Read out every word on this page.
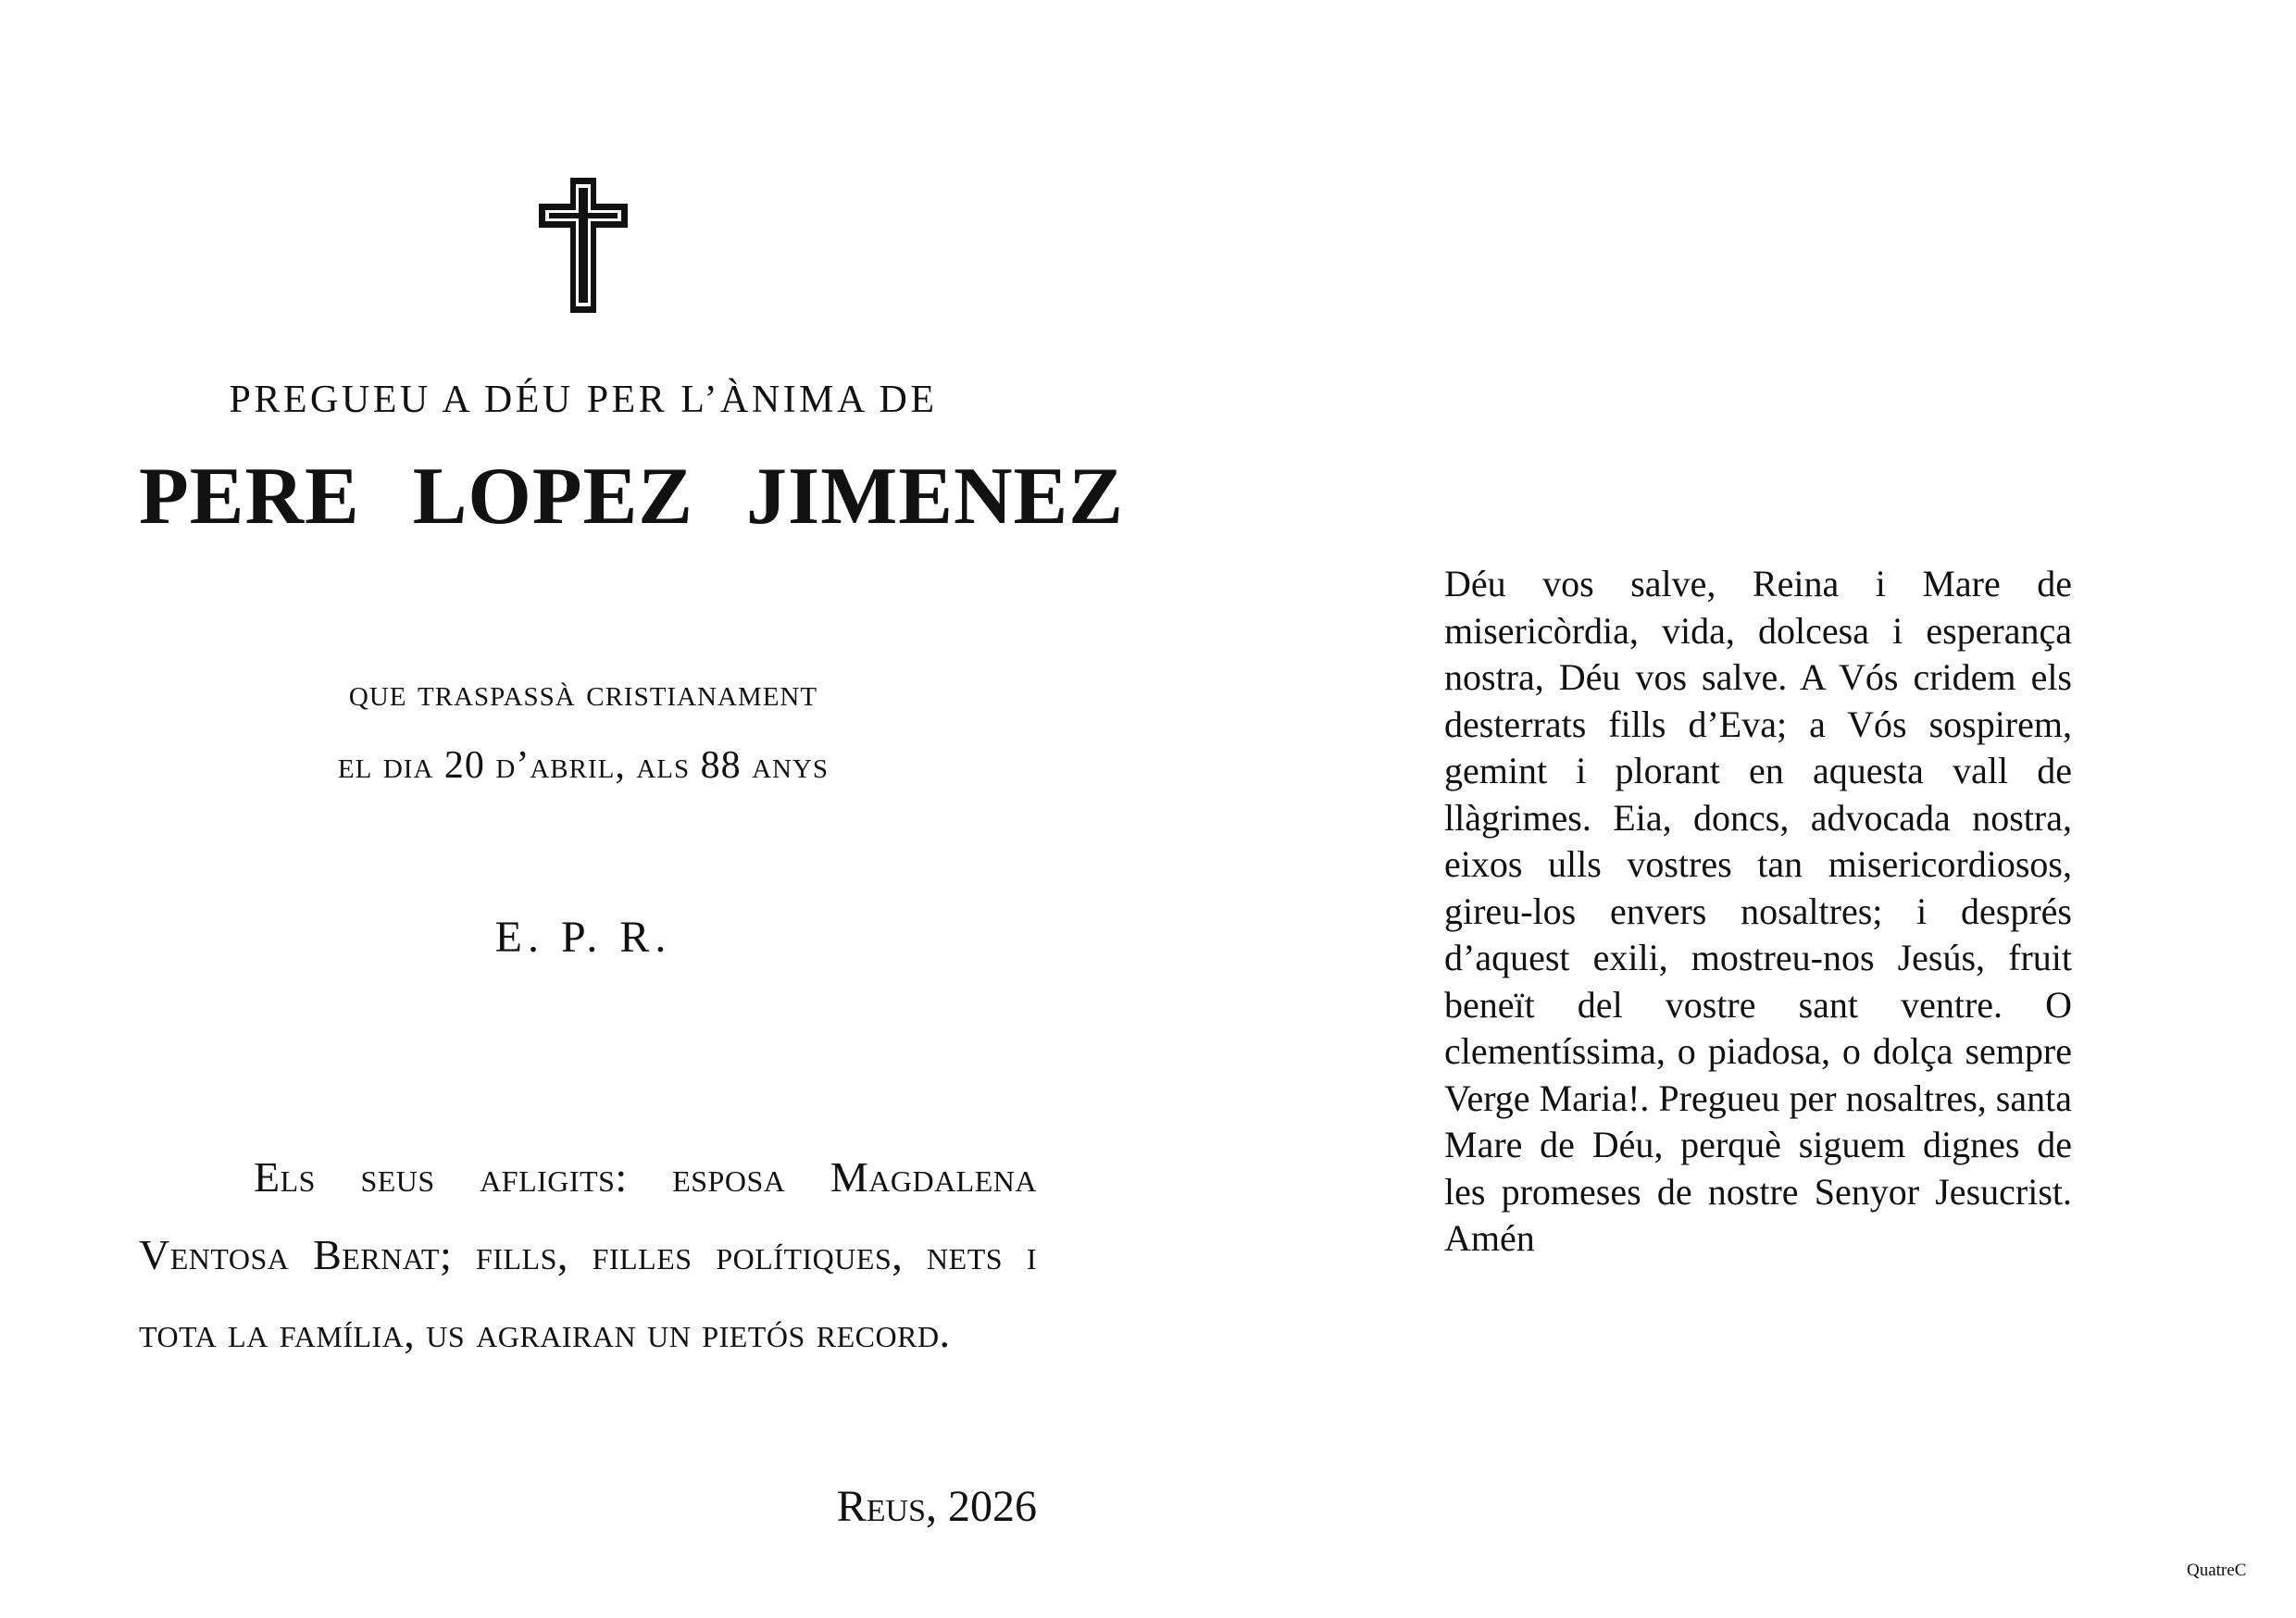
PREGUEU A DÉU PER L’ÀNIMA DE
PERE LOPEZ JIMENEZ
que traspassà cristianament
el dia 20 d’abril, als 88 anys
E. P. R.
Els seus afligits: esposa Magdalena Ventosa Bernat; fills, filles polítiques, nets i tota la família, us agrairan un pietós record.
Reus, 2026

Déu vos salve, Reina i Mare de misericòrdia, vida, dolcesa i esperança nostra, Déu vos salve. A Vós cridem els desterrats fills d’Eva; a Vós sospirem, gemint i plorant en aquesta vall de llàgrimes. Eia, doncs, advocada nostra, eixos ulls vostres tan misericordiosos, gireu-los envers nosaltres; i després d’aquest exili, mostreu-nos Jesús, fruit beneït del vostre sant ventre. O clementíssima, o piadosa, o dolça sempre Verge Maria!. Pregueu per nosaltres, santa Mare de Déu, perquè siguem dignes de les promeses de nostre Senyor Jesucrist. Amén

QuatreC
